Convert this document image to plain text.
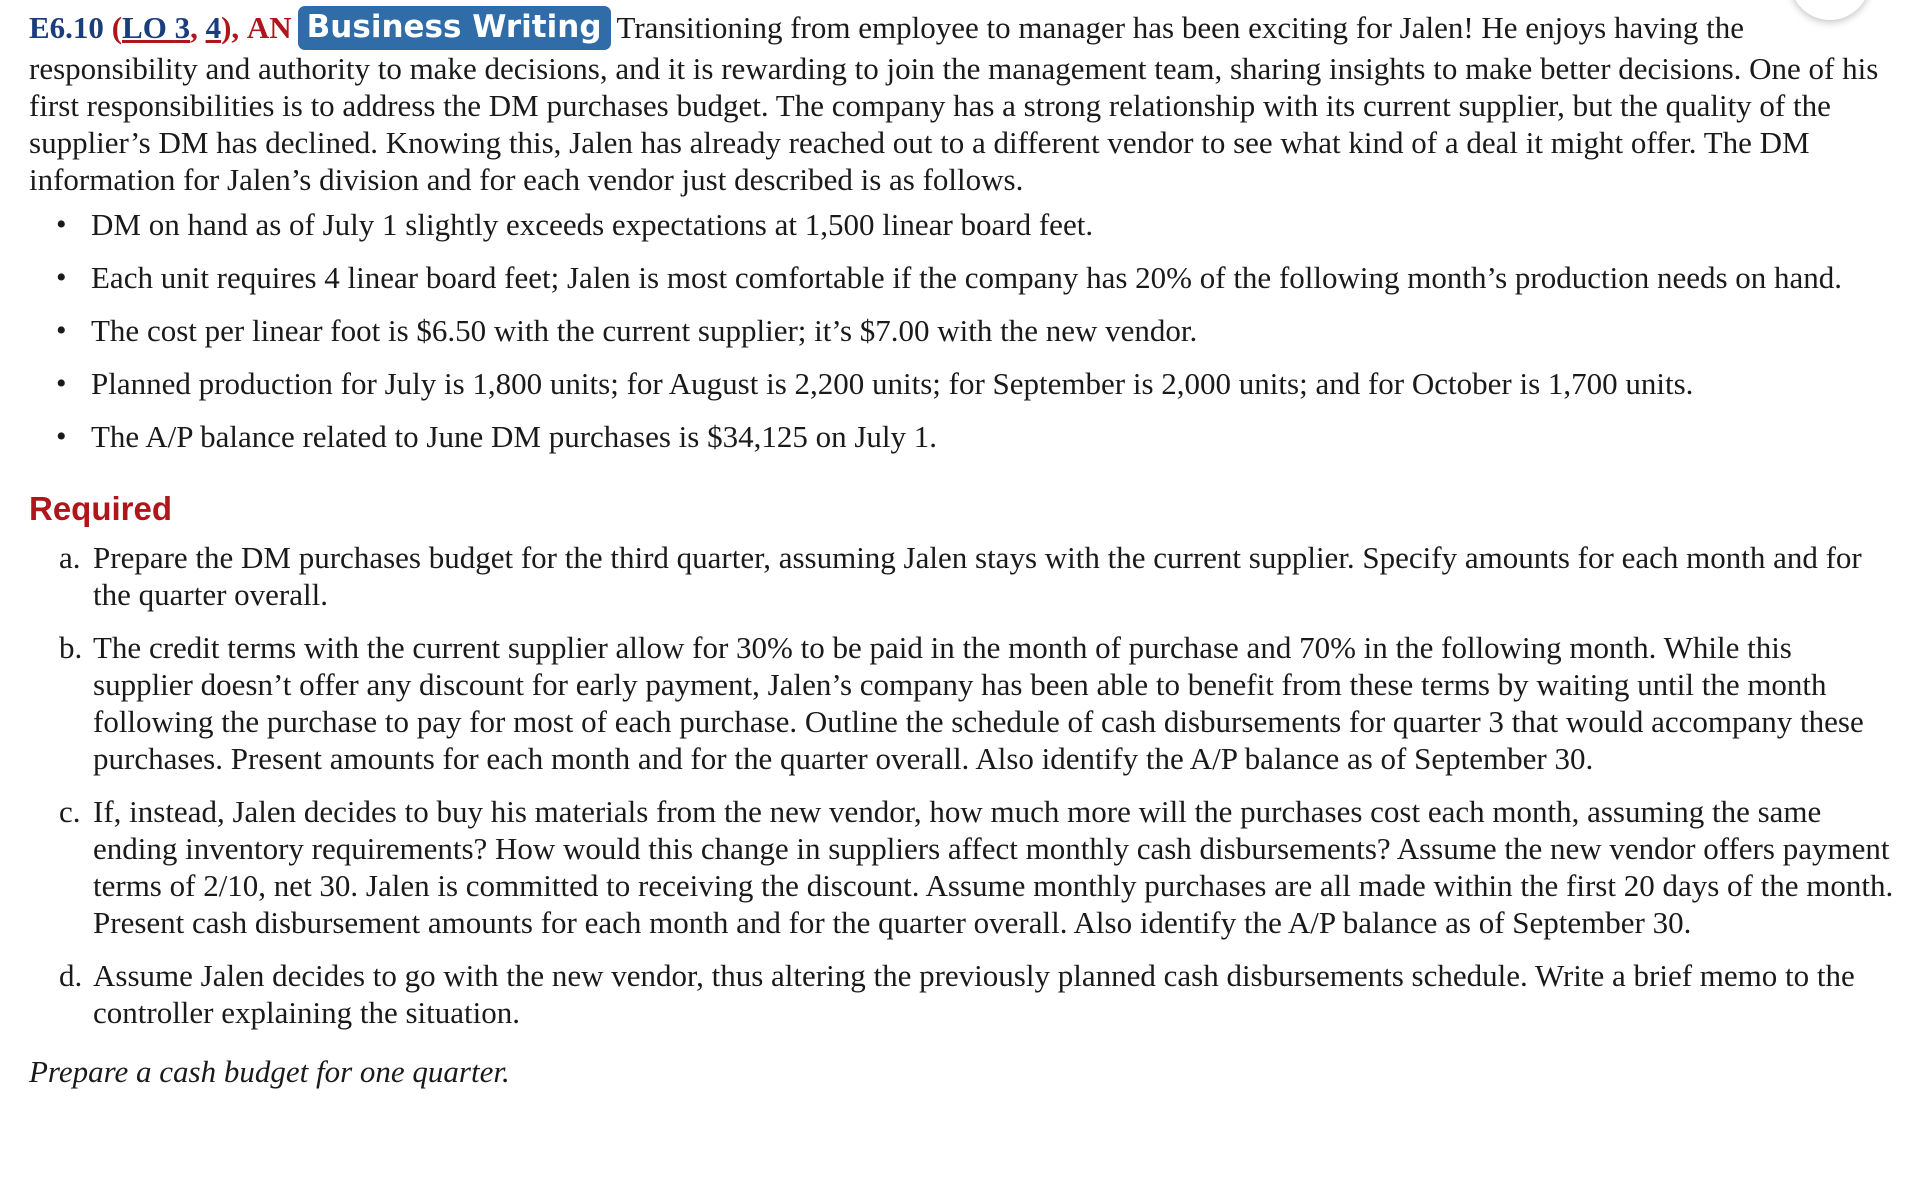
E6.10 (LO 3, 4), AN Business Writing Transitioning from employee to manager has been exciting for Jalen! He enjoys having the responsibility and authority to make decisions, and it is rewarding to join the management team, sharing insights to make better decisions. One of his first responsibilities is to address the DM purchases budget. The company has a strong relationship with its current supplier, but the quality of the supplier’s DM has declined. Knowing this, Jalen has already reached out to a different vendor to see what kind of a deal it might offer. The DM information for Jalen’s division and for each vendor just described is as follows.

• DM on hand as of July 1 slightly exceeds expectations at 1,500 linear board feet.
• Each unit requires 4 linear board feet; Jalen is most comfortable if the company has 20% of the following month’s production needs on hand.
• The cost per linear foot is $6.50 with the current supplier; it’s $7.00 with the new vendor.
• Planned production for July is 1,800 units; for August is 2,200 units; for September is 2,000 units; and for October is 1,700 units.
• The A/P balance related to June DM purchases is $34,125 on July 1.
Required
a. Prepare the DM purchases budget for the third quarter, assuming Jalen stays with the current supplier. Specify amounts for each month and for the quarter overall.
b. The credit terms with the current supplier allow for 30% to be paid in the month of purchase and 70% in the following month. While this supplier doesn’t offer any discount for early payment, Jalen’s company has been able to benefit from these terms by waiting until the month following the purchase to pay for most of each purchase. Outline the schedule of cash disbursements for quarter 3 that would accompany these purchases. Present amounts for each month and for the quarter overall. Also identify the A/P balance as of September 30.
c. If, instead, Jalen decides to buy his materials from the new vendor, how much more will the purchases cost each month, assuming the same ending inventory requirements? How would this change in suppliers affect monthly cash disbursements? Assume the new vendor offers payment terms of 2/10, net 30. Jalen is committed to receiving the discount. Assume monthly purchases are all made within the first 20 days of the month. Present cash disbursement amounts for each month and for the quarter overall. Also identify the A/P balance as of September 30.
d. Assume Jalen decides to go with the new vendor, thus altering the previously planned cash disbursements schedule. Write a brief memo to the controller explaining the situation.

Prepare a cash budget for one quarter.
